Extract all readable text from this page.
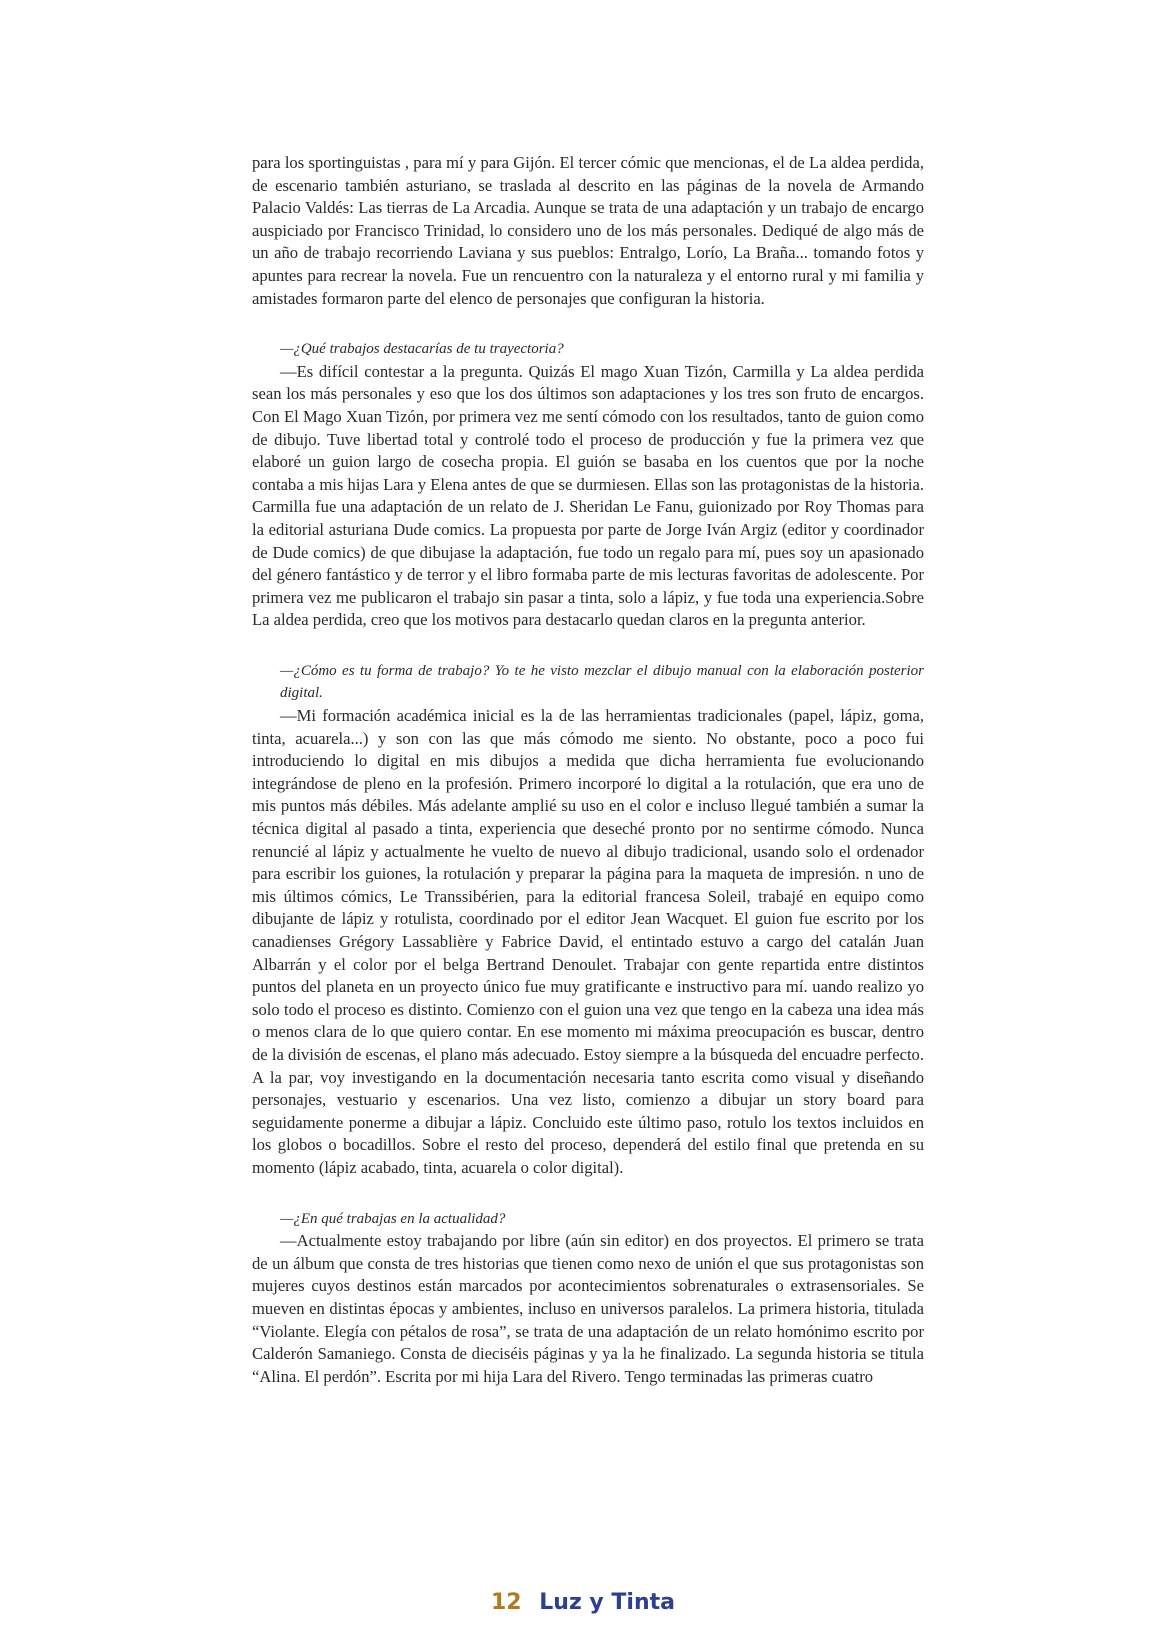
para los sportinguistas , para mí y para Gijón. El tercer cómic que mencionas, el de La aldea perdida, de escenario también asturiano, se traslada al descrito en las páginas de la novela de Armando Palacio Valdés: Las tierras de La Arcadia. Aunque se trata de una adaptación y un trabajo de encargo auspiciado por Francisco Trinidad, lo considero uno de los más personales. Dediqué de algo más de un año de trabajo recorriendo Laviana y sus pueblos: Entralgo, Lorío, La Braña... tomando fotos y apuntes para recrear la novela. Fue un rencuentro con la naturaleza y el entorno rural y mi familia y amistades formaron parte del elenco de personajes que configuran la historia.

—¿Qué trabajos destacarías de tu trayectoria?

—Es difícil contestar a la pregunta. Quizás El mago Xuan Tizón, Carmilla y La aldea perdida sean los más personales y eso que los dos últimos son adaptaciones y los tres son fruto de encargos. Con El Mago Xuan Tizón, por primera vez me sentí cómodo con los resultados, tanto de guion como de dibujo. Tuve libertad total y controlé todo el proceso de producción y fue la primera vez que elaboré un guion largo de cosecha propia. El guión se basaba en los cuentos que por la noche contaba a mis hijas Lara y Elena antes de que se durmiesen. Ellas son las protagonistas de la historia. Carmilla fue una adaptación de un relato de J. Sheridan Le Fanu, guionizado por Roy Thomas para la editorial asturiana Dude comics. La propuesta por parte de Jorge Iván Argiz (editor y coordinador de Dude comics) de que dibujase la adaptación, fue todo un regalo para mí, pues soy un apasionado del género fantástico y de terror y el libro formaba parte de mis lecturas favoritas de adolescente. Por primera vez me publicaron el trabajo sin pasar a tinta, solo a lápiz, y fue toda una experiencia.Sobre La aldea perdida, creo que los motivos para destacarlo quedan claros en la pregunta anterior.

—¿Cómo es tu forma de trabajo? Yo te he visto mezclar el dibujo manual con la elaboración posterior digital.

—Mi formación académica inicial es la de las herramientas tradicionales (papel, lápiz, goma, tinta, acuarela...) y son con las que más cómodo me siento. No obstante, poco a poco fui introduciendo lo digital en mis dibujos a medida que dicha herramienta fue evolucionando integrándose de pleno en la profesión. Primero incorporé lo digital a la rotulación, que era uno de mis puntos más débiles. Más adelante amplié su uso en el color e incluso llegué también a sumar la técnica digital al pasado a tinta, experiencia que deseché pronto por no sentirme cómodo. Nunca renuncié al lápiz y actualmente he vuelto de nuevo al dibujo tradicional, usando solo el ordenador para escribir los guiones, la rotulación y preparar la página para la maqueta de impresión. n uno de mis últimos cómics, Le Transsibérien, para la editorial francesa Soleil, trabajé en equipo como dibujante de lápiz y rotulista, coordinado por el editor Jean Wacquet. El guion fue escrito por los canadienses Grégory Lassablière y Fabrice David, el entintado estuvo a cargo del catalán Juan Albarrán y el color por el belga Bertrand Denoulet. Trabajar con gente repartida entre distintos puntos del planeta en un proyecto único fue muy gratificante e instructivo para mí. uando realizo yo solo todo el proceso es distinto. Comienzo con el guion una vez que tengo en la cabeza una idea más o menos clara de lo que quiero contar. En ese momento mi máxima preocupación es buscar, dentro de la división de escenas, el plano más adecuado. Estoy siempre a la búsqueda del encuadre perfecto. A la par, voy investigando en la documentación necesaria tanto escrita como visual y diseñando personajes, vestuario y escenarios. Una vez listo, comienzo a dibujar un story board para seguidamente ponerme a dibujar a lápiz. Concluido este último paso, rotulo los textos incluidos en los globos o bocadillos. Sobre el resto del proceso, dependerá del estilo final que pretenda en su momento (lápiz acabado, tinta, acuarela o color digital).

—¿En qué trabajas en la actualidad?

—Actualmente estoy trabajando por libre (aún sin editor) en dos proyectos. El primero se trata de un álbum que consta de tres historias que tienen como nexo de unión el que sus protagonistas son mujeres cuyos destinos están marcados por acontecimientos sobrenaturales o extrasensoriales. Se mueven en distintas épocas y ambientes, incluso en universos paralelos. La primera historia, titulada “Violante. Elegía con pétalos de rosa”, se trata de una adaptación de un relato homónimo escrito por Calderón Samaniego. Consta de dieciséis páginas y ya la he finalizado. La segunda historia se titula “Alina. El perdón”. Escrita por mi hija Lara del Rivero. Tengo terminadas las primeras cuatro

12 Luz y Tinta
